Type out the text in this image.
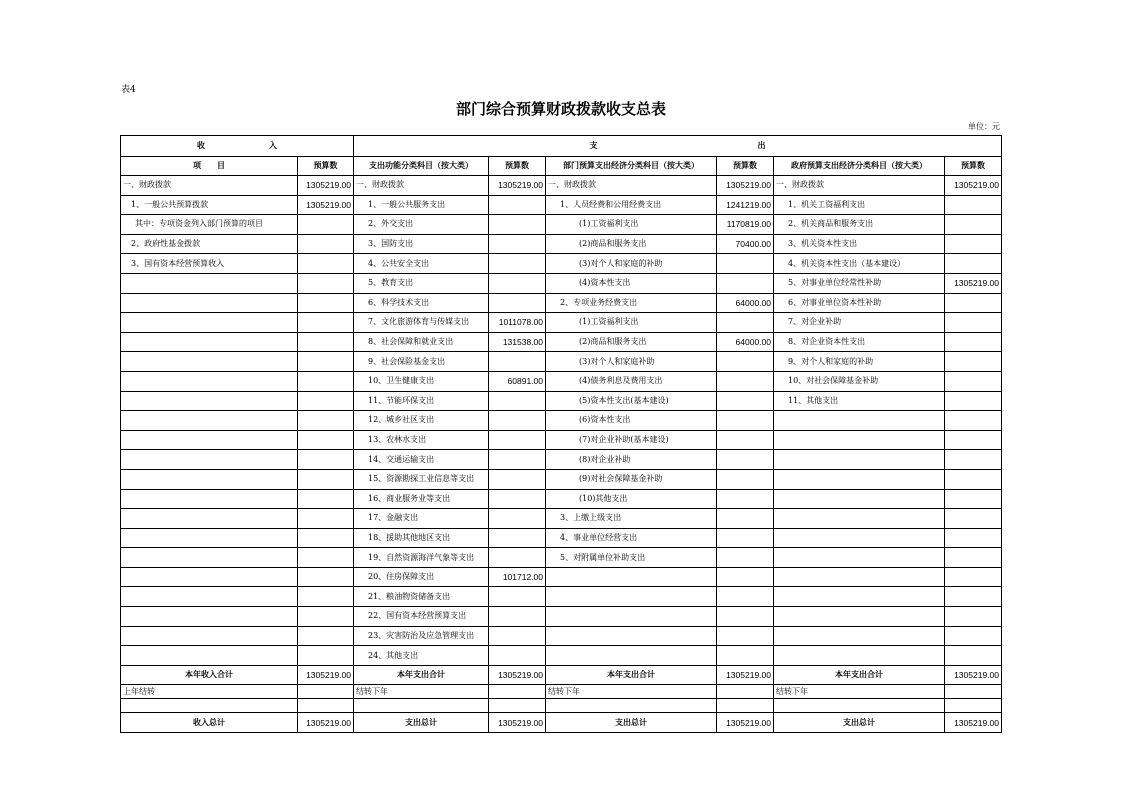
表4
部门综合预算财政拨款收支总表
单位：元
收　　　　　　　　入		支　　　　　　　　　　　　　　　　　　　　出					
项　　目	预算数	支出功能分类科目（按大类）	预算数	部门预算支出经济分类科目（按大类）	预算数	政府预算支出经济分类科目（按大类）	预算数
一、财政拨款	1305219.00	一、财政拨款	1305219.00	一、财政拨款	1305219.00	一、财政拨款	1305219.00
1、一般公共预算拨款	1305219.00	1、一般公共服务支出		1、人员经费和公用经费支出	1241219.00	1、机关工资福利支出	
其中：专项资金列入部门预算的项目		2、外交支出		(1)工资福利支出	1170819.00	2、机关商品和服务支出	
2、政府性基金拨款		3、国防支出		(2)商品和服务支出	70400.00	3、机关资本性支出	
3、国有资本经营预算收入		4、公共安全支出		(3)对个人和家庭的补助		4、机关资本性支出（基本建设）	
		5、教育支出		(4)资本性支出		5、对事业单位经常性补助	1305219.00
		6、科学技术支出		2、专项业务经费支出	64000.00	6、对事业单位资本性补助	
		7、文化旅游体育与传媒支出	1011078.00	(1)工资福利支出		7、对企业补助	
		8、社会保障和就业支出	131538.00	(2)商品和服务支出	64000.00	8、对企业资本性支出	
		9、社会保险基金支出		(3)对个人和家庭补助		9、对个人和家庭的补助	
		10、卫生健康支出	60891.00	(4)债务利息及费用支出		10、对社会保障基金补助	
		11、节能环保支出		(5)资本性支出(基本建设)		11、其他支出	
		12、城乡社区支出		(6)资本性支出			
		13、农林水支出		(7)对企业补助(基本建设)			
		14、交通运输支出		(8)对企业补助			
		15、资源勘探工业信息等支出		(9)对社会保障基金补助			
		16、商业服务业等支出		(10)其他支出			
		17、金融支出		3、上缴上级支出			
		18、援助其他地区支出		4、事业单位经营支出			
		19、自然资源海洋气象等支出		5、对附属单位补助支出			
		20、住房保障支出	101712.00				
		21、粮油物资储备支出					
		22、国有资本经营预算支出					
		23、灾害防治及应急管理支出					
		24、其他支出					
本年收入合计	1305219.00	本年支出合计	1305219.00	本年支出合计	1305219.00	本年支出合计	1305219.00
上年结转		结转下年		结转下年		结转下年	

收入总计	1305219.00	支出总计	1305219.00	支出总计	1305219.00	支出总计	1305219.00
